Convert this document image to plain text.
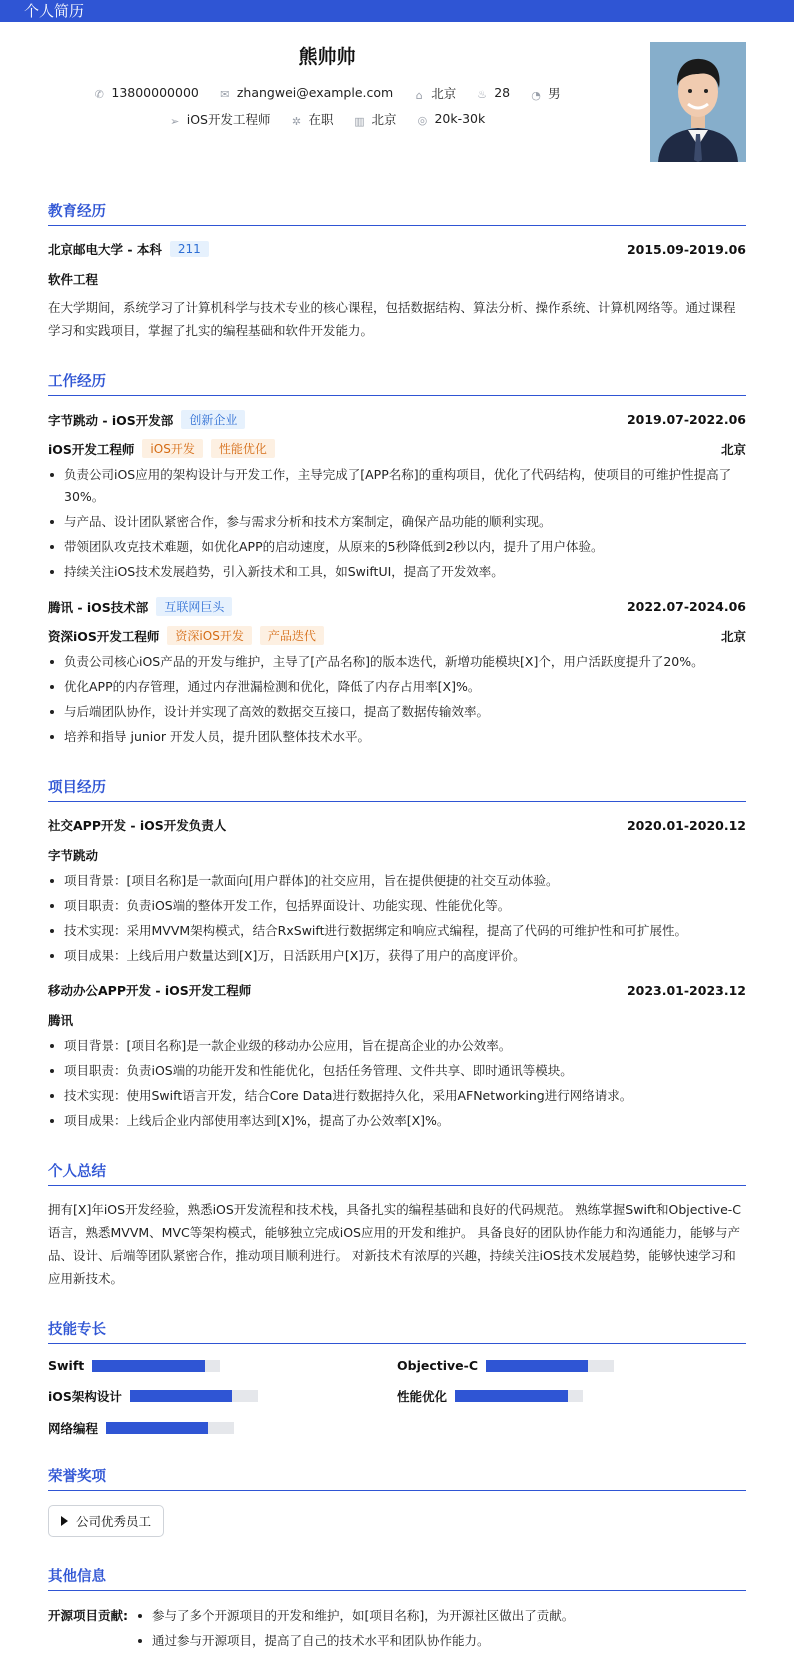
个人简历
熊帅帅
✆ 13800000000 ✉ zhangwei@example.com ⌂ 北京 ♨ 28 ◔ 男
➢ iOS开发工程师 ✲ 在职 ▥ 北京 ◎ 20k-30k
教育经历
北京邮电大学 - 本科	211	2015.09-2019.06
软件工程
在大学期间，系统学习了计算机科学与技术专业的核心课程，包括数据结构、算法分析、操作系统、计算机网络等。通过课程学习和实践项目，掌握了扎实的编程基础和软件开发能力。
工作经历
字节跳动 - iOS开发部	创新企业	2019.07-2022.06
iOS开发工程师	iOS开发	性能优化	北京
负责公司iOS应用的架构设计与开发工作，主导完成了[APP名称]的重构项目，优化了代码结构，使项目的可维护性提高了30%。
与产品、设计团队紧密合作，参与需求分析和技术方案制定，确保产品功能的顺利实现。
带领团队攻克技术难题，如优化APP的启动速度，从原来的5秒降低到2秒以内，提升了用户体验。
持续关注iOS技术发展趋势，引入新技术和工具，如SwiftUI，提高了开发效率。
腾讯 - iOS技术部	互联网巨头	2022.07-2024.06
资深iOS开发工程师	资深iOS开发	产品迭代	北京
负责公司核心iOS产品的开发与维护，主导了[产品名称]的版本迭代，新增功能模块[X]个，用户活跃度提升了20%。
优化APP的内存管理，通过内存泄漏检测和优化，降低了内存占用率[X]%。
与后端团队协作，设计并实现了高效的数据交互接口，提高了数据传输效率。
培养和指导 junior 开发人员，提升团队整体技术水平。
项目经历
社交APP开发 - iOS开发负责人	2020.01-2020.12
字节跳动
项目背景：[项目名称]是一款面向[用户群体]的社交应用，旨在提供便捷的社交互动体验。
项目职责：负责iOS端的整体开发工作，包括界面设计、功能实现、性能优化等。
技术实现：采用MVVM架构模式，结合RxSwift进行数据绑定和响应式编程，提高了代码的可维护性和可扩展性。
项目成果：上线后用户数量达到[X]万，日活跃用户[X]万，获得了用户的高度评价。
移动办公APP开发 - iOS开发工程师	2023.01-2023.12
腾讯
项目背景：[项目名称]是一款企业级的移动办公应用，旨在提高企业的办公效率。
项目职责：负责iOS端的功能开发和性能优化，包括任务管理、文件共享、即时通讯等模块。
技术实现：使用Swift语言开发，结合Core Data进行数据持久化，采用AFNetworking进行网络请求。
项目成果：上线后企业内部使用率达到[X]%，提高了办公效率[X]%。
个人总结
拥有[X]年iOS开发经验，熟悉iOS开发流程和技术栈，具备扎实的编程基础和良好的代码规范。 熟练掌握Swift和Objective-C语言，熟悉MVVM、MVC等架构模式，能够独立完成iOS应用的开发和维护。 具备良好的团队协作能力和沟通能力，能够与产品、设计、后端等团队紧密合作，推动项目顺利进行。 对新技术有浓厚的兴趣，持续关注iOS技术发展趋势，能够快速学习和应用新技术。
技能专长
Swift	Objective-C
iOS架构设计	性能优化
网络编程
荣誉奖项
公司优秀员工
其他信息
开源项目贡献:	参与了多个开源项目的开发和维护，如[项目名称]，为开源社区做出了贡献。
通过参与开源项目，提高了自己的技术水平和团队协作能力。
